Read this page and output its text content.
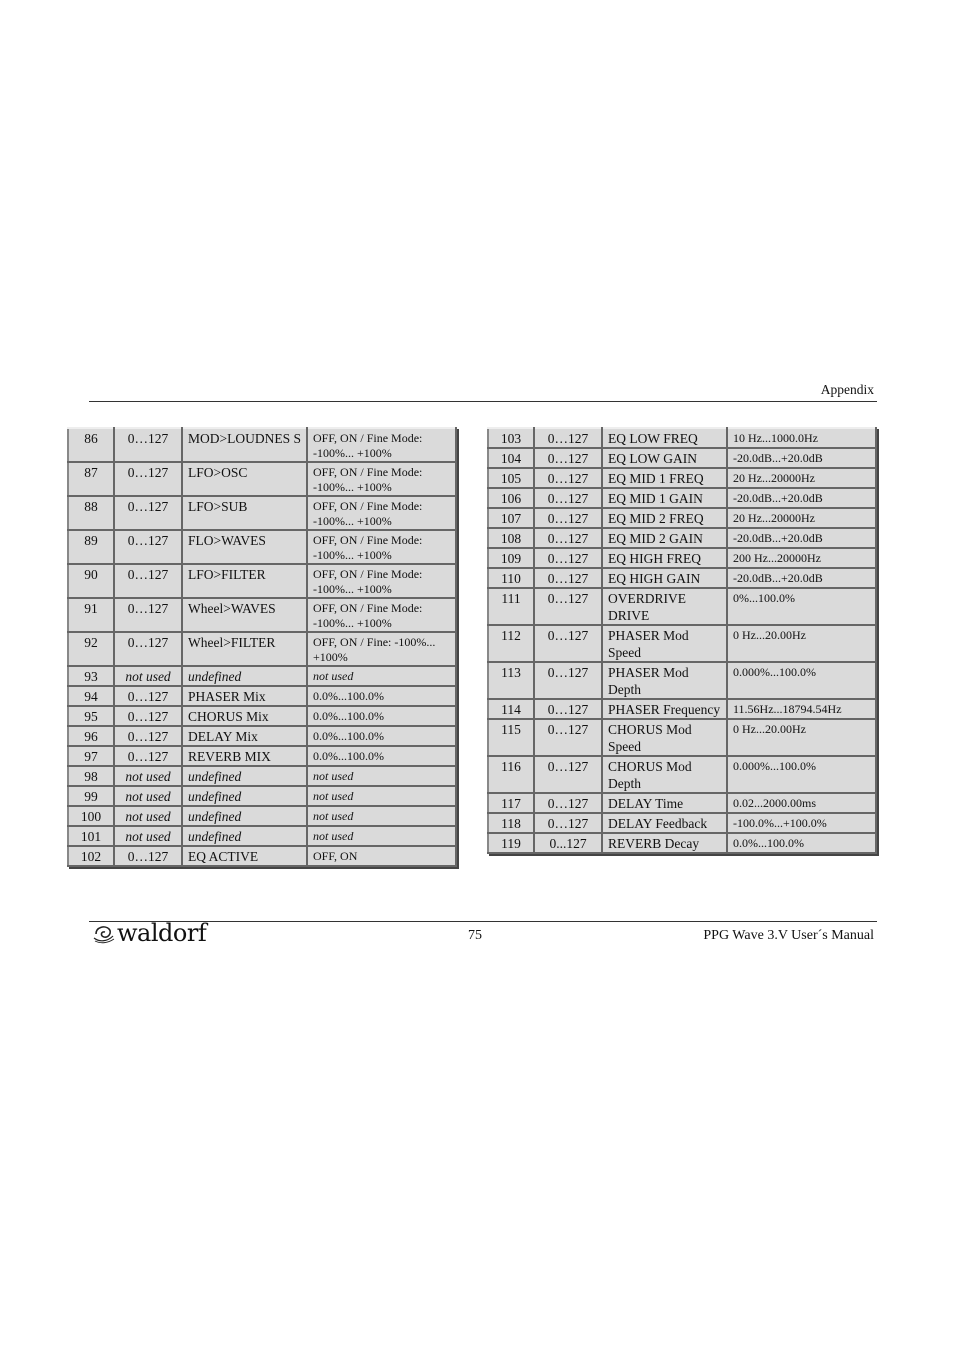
Appendix
86	0…127	MOD>LOUDNES S	OFF, ON / Fine Mode: -100%... +100%
87	0…127	LFO>OSC	OFF, ON / Fine Mode: -100%... +100%
88	0…127	LFO>SUB	OFF, ON / Fine Mode: -100%... +100%
89	0…127	FLO>WAVES	OFF, ON / Fine Mode: -100%... +100%
90	0…127	LFO>FILTER	OFF, ON / Fine Mode: -100%... +100%
91	0…127	Wheel>WAVES	OFF, ON / Fine Mode: -100%... +100%
92	0…127	Wheel>FILTER	OFF, ON / Fine: -100%... +100%
93	not used	undefined	not used
94	0…127	PHASER Mix	0.0%...100.0%
95	0…127	CHORUS Mix	0.0%...100.0%
96	0…127	DELAY Mix	0.0%...100.0%
97	0…127	REVERB MIX	0.0%...100.0%
98	not used	undefined	not used
99	not used	undefined	not used
100	not used	undefined	not used
101	not used	undefined	not used
102	0…127	EQ ACTIVE	OFF, ON
103	0…127	EQ LOW FREQ	10 Hz...1000.0Hz
104	0…127	EQ LOW GAIN	-20.0dB...+20.0dB
105	0…127	EQ MID 1 FREQ	20 Hz...20000Hz
106	0…127	EQ MID 1 GAIN	-20.0dB...+20.0dB
107	0…127	EQ MID 2 FREQ	20 Hz...20000Hz
108	0…127	EQ MID 2 GAIN	-20.0dB...+20.0dB
109	0…127	EQ HIGH FREQ	200 Hz...20000Hz
110	0…127	EQ HIGH GAIN	-20.0dB...+20.0dB
111	0…127	OVERDRIVE DRIVE	0%...100.0%
112	0…127	PHASER Mod Speed	0 Hz...20.00Hz
113	0…127	PHASER Mod Depth	0.000%...100.0%
114	0…127	PHASER Frequency	11.56Hz...18794.54Hz
115	0…127	CHORUS Mod Speed	0 Hz...20.00Hz
116	0…127	CHORUS Mod Depth	0.000%...100.0%
117	0…127	DELAY Time	0.02...2000.00ms
118	0…127	DELAY Feedback	-100.0%...+100.0%
119	0...127	REVERB Decay	0.0%...100.0%
waldorf	75	PPG Wave 3.V User´s Manual
